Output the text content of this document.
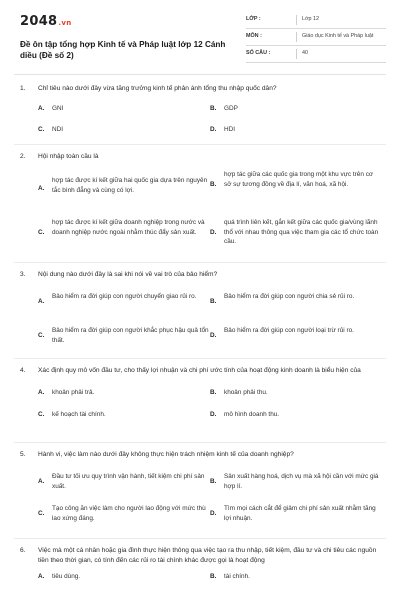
2048.vn
Đề ôn tập tổng hợp Kinh tế và Pháp luật lớp 12 Cánh diều (Đề số 2)
LỚP :	Lớp 12
MÔN :	Giáo dục Kinh tế và Pháp luật
SỐ CÂU :	40
1. Chỉ tiêu nào dưới đây vừa tăng trưởng kinh tế phản ánh tổng thu nhập quốc dân?
A. GNI	B. GDP
C. NDI	D. HDI
2. Hội nhập toàn cầu là
A.
hợp tác được kí kết giữa hai quốc gia dựa trên nguyên tắc bình đẳng và cùng có lợi.
B.
hợp tác giữa các quốc gia trong một khu vực trên cơ sở sự tương đồng về địa lí, văn hoá, xã hội.
C.
hợp tác được kí kết giữa doanh nghiệp trong nước và doanh nghiệp nước ngoài nhằm thúc đẩy sản xuất.	D.
quá trình liên kết, gắn kết giữa các quốc gia/vùng lãnh thổ với nhau thông qua việc tham gia các tổ chức toàn cầu.
3. Nội dung nào dưới đây là sai khi nói về vai trò của bảo hiểm?
A.
Bảo hiểm ra đời giúp con người chuyển giao rủi ro.
B.
Bảo hiểm ra đời giúp con người chia sẻ rủi ro.
C.
Bảo hiểm ra đời giúp con người khắc phục hậu quả tổn thất.
D.
Bảo hiểm ra đời giúp con người loại trừ rủi ro.
4. Xác định quy mô vốn đầu tư, cho thấy lợi nhuận và chi phí ước tính của hoạt động kinh doanh là biểu hiện của
A. khoản phải trả.	B. khoản phải thu.
C. kế hoạch tài chính.	D. mô hình doanh thu.
5. Hành vi, việc làm nào dưới đây không thực hiện trách nhiệm kinh tế của doanh nghiệp?
A.
Đầu tư tối ưu quy trình vận hành, tiết kiệm chi phí sản xuất.
B.
Sản xuất hàng hoá, dịch vụ mà xã hội cần với mức giá hợp lí.
C.
Tạo công ăn việc làm cho người lao động với mức thù lao xứng đáng.
D.
Tìm mọi cách cắt để giảm chi phí sản xuất nhằm tăng lợi nhuận.
6. Việc mà một cá nhân hoặc gia đình thực hiện thông qua việc tạo ra thu nhập, tiết kiệm, đầu tư và chi tiêu các nguồn tiền theo thời gian, có tính đến các rủi ro tài chính khác được gọi là hoạt động
A. tiêu dùng.	B. tài chính.
